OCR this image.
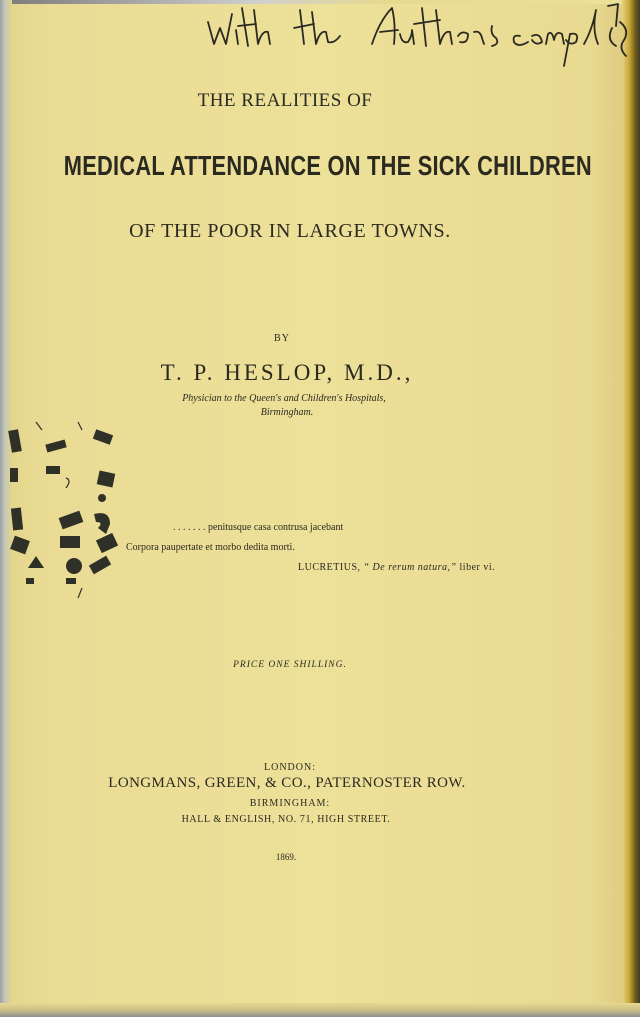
THE REALITIES OF
MEDICAL ATTENDANCE ON THE SICK CHILDREN
OF THE POOR IN LARGE TOWNS.
BY
T. P. HESLOP, M.D.,
Physician to the Queen's and Children's Hospitals,
Birmingham.
. . . . . . . penitusque casa contrusa jacebant
Corpora paupertate et morbo dedita morti.
LUCRETIUS, “ De rerum natura,” liber vi.
PRICE ONE SHILLING.
LONDON:
LONGMANS, GREEN, & CO., PATERNOSTER ROW.
BIRMINGHAM:
HALL & ENGLISH, NO. 71, HIGH STREET.
1869.
